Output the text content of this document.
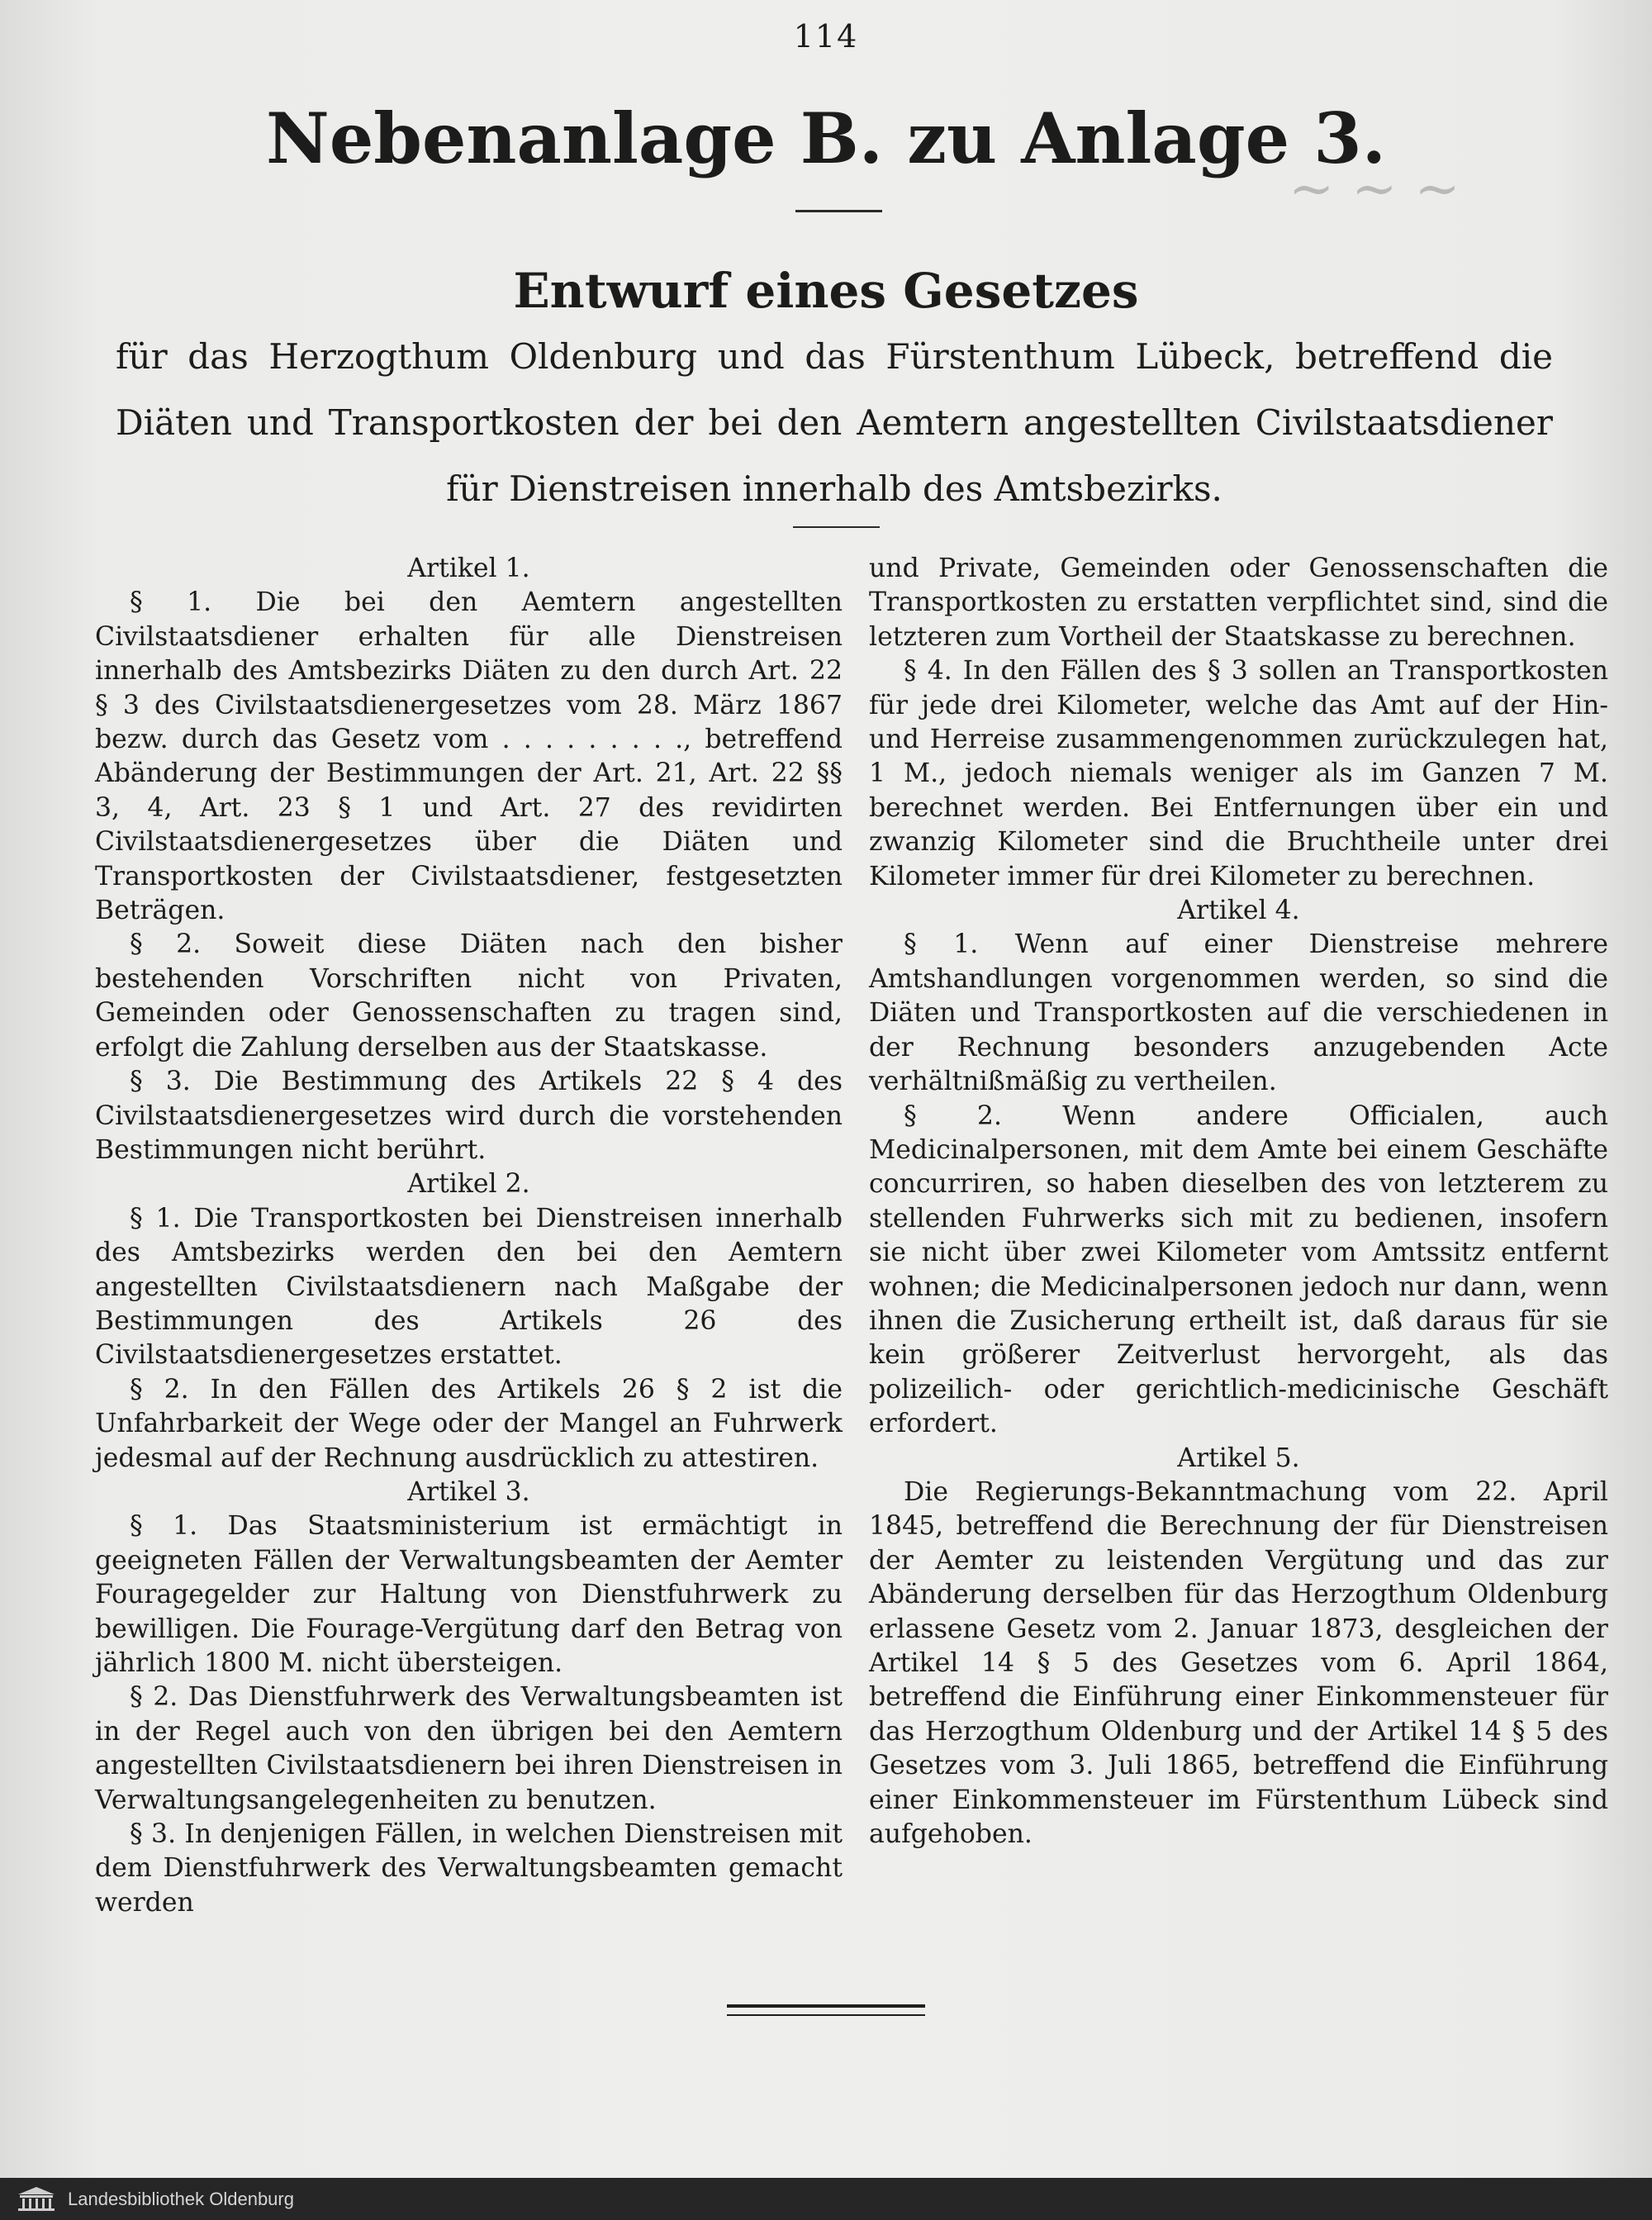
~ ~ ~
114
Nebenanlage B. zu Anlage 3.
Entwurf eines Gesetzes
für das Herzogthum Oldenburg und das Fürstenthum Lübeck, betreffend die Diäten und Transportkosten der bei den Aemtern angestellten Civilstaatsdiener für Dienstreisen innerhalb des Amtsbezirks.

Artikel 1.

§ 1. Die bei den Aemtern angestellten Civilstaatsdiener erhalten für alle Dienstreisen innerhalb des Amtsbezirks Diäten zu den durch Art. 22 § 3 des Civilstaatsdienergesetzes vom 28. März 1867 bezw. durch das Gesetz vom . . . . . . . . ., betreffend Abänderung der Bestimmungen der Art. 21, Art. 22 §§ 3, 4, Art. 23 § 1 und Art. 27 des revidirten Civilstaatsdienergesetzes über die Diäten und Transportkosten der Civilstaatsdiener, festgesetzten Beträgen.

§ 2. Soweit diese Diäten nach den bisher bestehenden Vorschriften nicht von Privaten, Gemeinden oder Genossenschaften zu tragen sind, erfolgt die Zahlung derselben aus der Staatskasse.

§ 3. Die Bestimmung des Artikels 22 § 4 des Civilstaatsdienergesetzes wird durch die vorstehenden Bestimmungen nicht berührt.

Artikel 2.

§ 1. Die Transportkosten bei Dienstreisen innerhalb des Amtsbezirks werden den bei den Aemtern angestellten Civilstaatsdienern nach Maßgabe der Bestimmungen des Artikels 26 des Civilstaatsdienergesetzes erstattet.

§ 2. In den Fällen des Artikels 26 § 2 ist die Unfahrbarkeit der Wege oder der Mangel an Fuhrwerk jedesmal auf der Rechnung ausdrücklich zu attestiren.

Artikel 3.

§ 1. Das Staatsministerium ist ermächtigt in geeigneten Fällen der Verwaltungsbeamten der Aemter Fouragegelder zur Haltung von Dienstfuhrwerk zu bewilligen. Die Fourage-Vergütung darf den Betrag von jährlich 1800 M. nicht übersteigen.

§ 2. Das Dienstfuhrwerk des Verwaltungsbeamten ist in der Regel auch von den übrigen bei den Aemtern angestellten Civilstaatsdienern bei ihren Dienstreisen in Verwaltungsangelegenheiten zu benutzen.

§ 3. In denjenigen Fällen, in welchen Dienstreisen mit dem Dienstfuhrwerk des Verwaltungsbeamten gemacht werden

und Private, Gemeinden oder Genossenschaften die Transportkosten zu erstatten verpflichtet sind, sind die letzteren zum Vortheil der Staatskasse zu berechnen.

§ 4. In den Fällen des § 3 sollen an Transportkosten für jede drei Kilometer, welche das Amt auf der Hin- und Herreise zusammengenommen zurückzulegen hat, 1 M., jedoch niemals weniger als im Ganzen 7 M. berechnet werden. Bei Entfernungen über ein und zwanzig Kilometer sind die Bruchtheile unter drei Kilometer immer für drei Kilometer zu berechnen.

Artikel 4.

§ 1. Wenn auf einer Dienstreise mehrere Amtshandlungen vorgenommen werden, so sind die Diäten und Transportkosten auf die verschiedenen in der Rechnung besonders anzugebenden Acte verhältnißmäßig zu vertheilen.

§ 2. Wenn andere Officialen, auch Medicinalpersonen, mit dem Amte bei einem Geschäfte concurriren, so haben dieselben des von letzterem zu stellenden Fuhrwerks sich mit zu bedienen, insofern sie nicht über zwei Kilometer vom Amtssitz entfernt wohnen; die Medicinalpersonen jedoch nur dann, wenn ihnen die Zusicherung ertheilt ist, daß daraus für sie kein größerer Zeitverlust hervorgeht, als das polizeilich- oder gerichtlich-medicinische Geschäft erfordert.

Artikel 5.

Die Regierungs-Bekanntmachung vom 22. April 1845, betreffend die Berechnung der für Dienstreisen der Aemter zu leistenden Vergütung und das zur Abänderung derselben für das Herzogthum Oldenburg erlassene Gesetz vom 2. Januar 1873, desgleichen der Artikel 14 § 5 des Gesetzes vom 6. April 1864, betreffend die Einführung einer Einkommensteuer für das Herzogthum Oldenburg und der Artikel 14 § 5 des Gesetzes vom 3. Juli 1865, betreffend die Einführung einer Einkommensteuer im Fürstenthum Lübeck sind aufgehoben.

Landesbibliothek Oldenburg
